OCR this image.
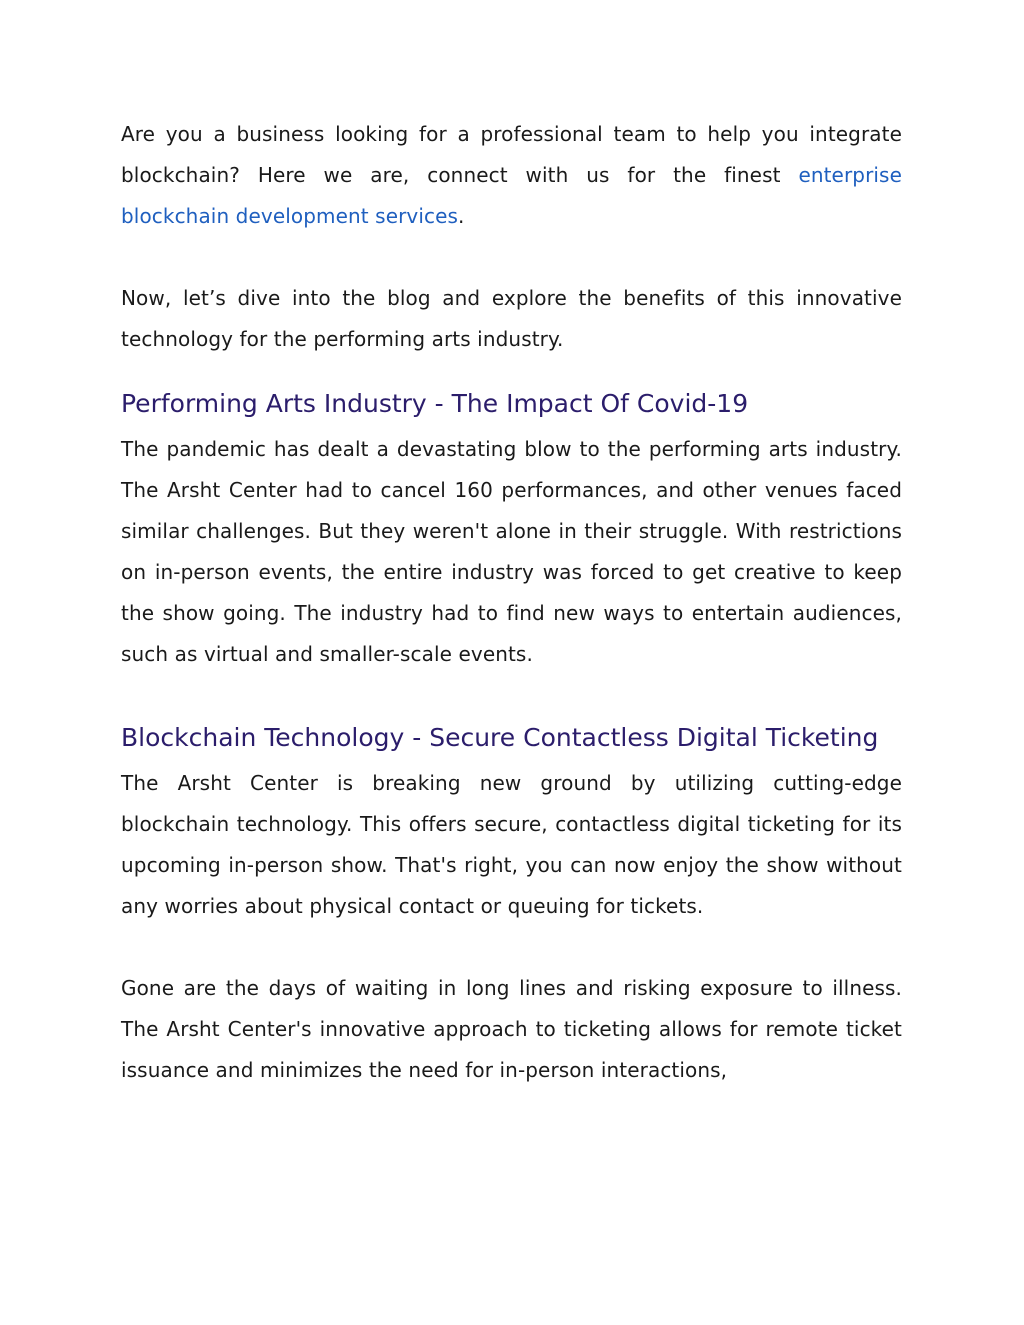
Are you a business looking for a professional team to help you integrate blockchain? Here we are, connect with us for the finest enterprise blockchain development services.

Now, let’s dive into the blog and explore the benefits of this innovative technology for the performing arts industry.

Performing Arts Industry - The Impact Of Covid-19

The pandemic has dealt a devastating blow to the performing arts industry. The Arsht Center had to cancel 160 performances, and other venues faced similar challenges. But they weren't alone in their struggle. With restrictions on in-person events, the entire industry was forced to get creative to keep the show going. The industry had to find new ways to entertain audiences, such as virtual and smaller-scale events.

Blockchain Technology - Secure Contactless Digital Ticketing

The Arsht Center is breaking new ground by utilizing cutting-edge blockchain technology. This offers secure, contactless digital ticketing for its upcoming in-person show. That's right, you can now enjoy the show without any worries about physical contact or queuing for tickets.

Gone are the days of waiting in long lines and risking exposure to illness. The Arsht Center's innovative approach to ticketing allows for remote ticket issuance and minimizes the need for in-person interactions,
